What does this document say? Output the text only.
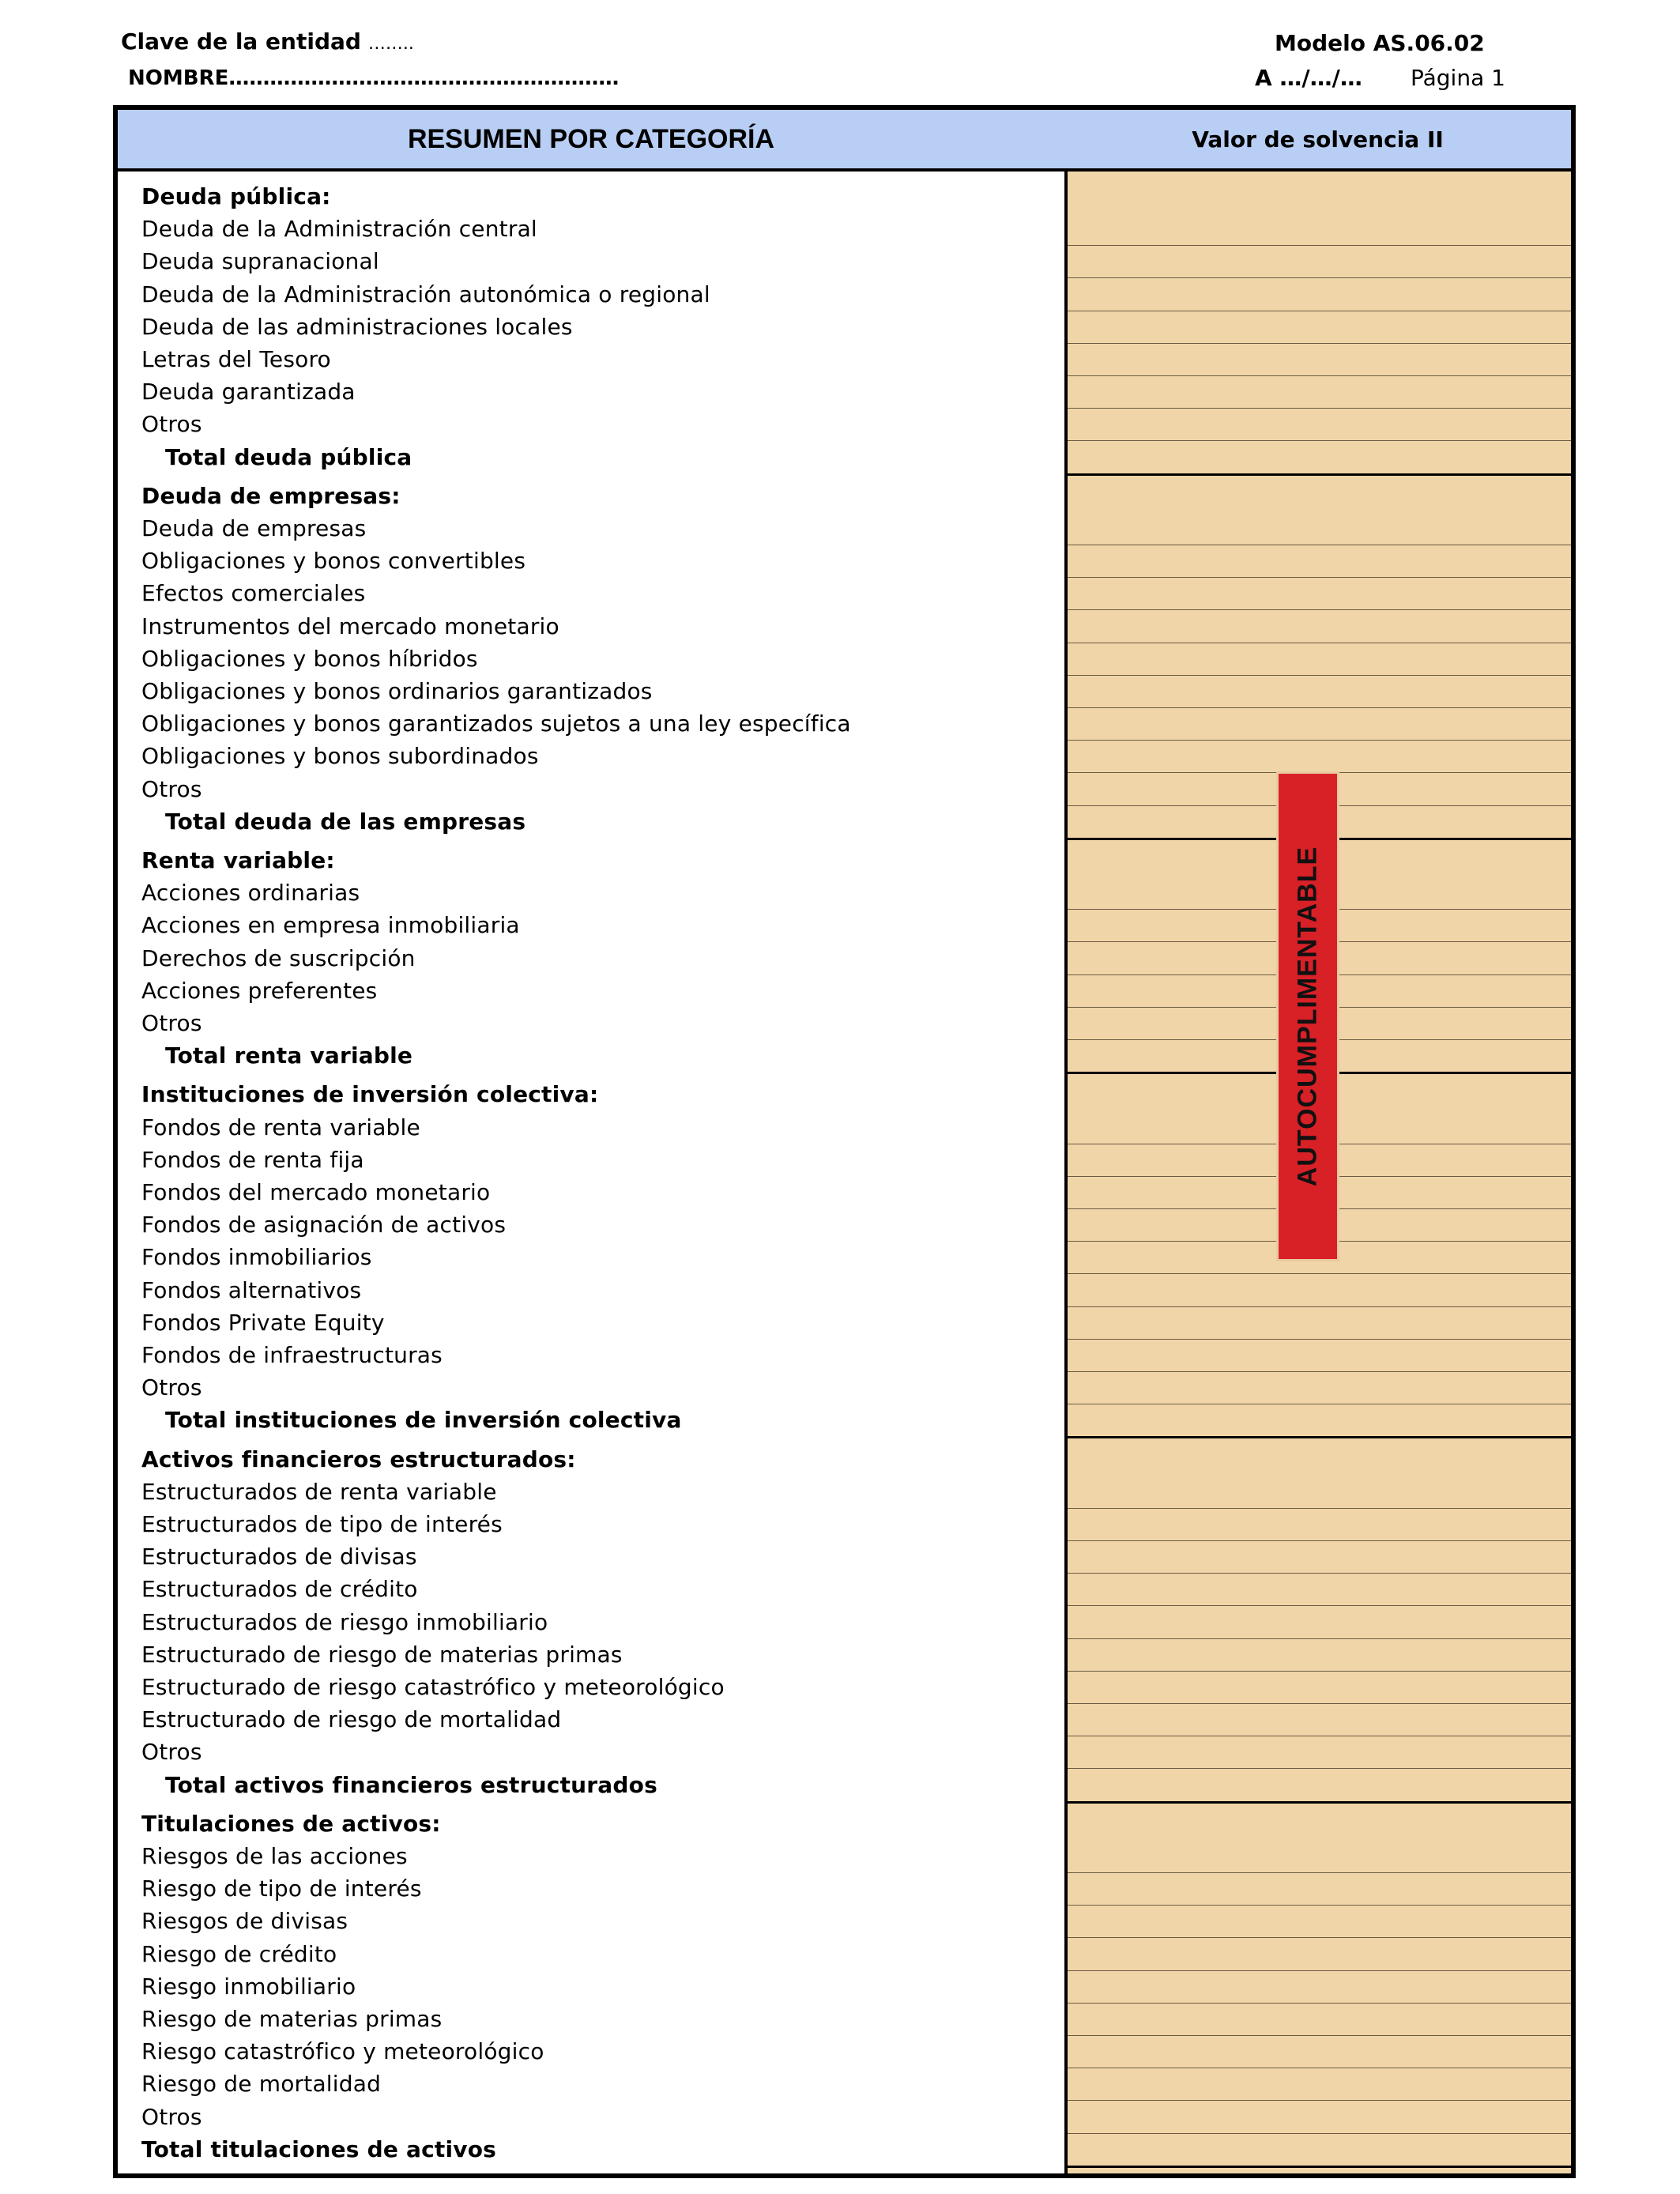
Clave de la entidad ……..
NOMBRE…………………………………………………
Modelo AS.06.02
A …/…/… Página 1
RESUMEN POR CATEGORÍA	Valor de solvencia II
Deuda pública:
Deuda de la Administración central
Deuda supranacional
Deuda de la Administración autonómica o regional
Deuda de las administraciones locales
Letras del Tesoro
Deuda garantizada
Otros
Total deuda pública
Deuda de empresas:
Deuda de empresas
Obligaciones y bonos convertibles
Efectos comerciales
Instrumentos del mercado monetario
Obligaciones y bonos híbridos
Obligaciones y bonos ordinarios garantizados
Obligaciones y bonos garantizados sujetos a una ley específica
Obligaciones y bonos subordinados
Otros
Total deuda de las empresas
Renta variable:
Acciones ordinarias
Acciones en empresa inmobiliaria
Derechos de suscripción
Acciones preferentes
Otros
Total renta variable
Instituciones de inversión colectiva:
Fondos de renta variable
Fondos de renta fija
Fondos del mercado monetario
Fondos de asignación de activos
Fondos inmobiliarios
Fondos alternativos
Fondos Private Equity
Fondos de infraestructuras
Otros
Total instituciones de inversión colectiva
Activos financieros estructurados:
Estructurados de renta variable
Estructurados de tipo de interés
Estructurados de divisas
Estructurados de crédito
Estructurados de riesgo inmobiliario
Estructurado de riesgo de materias primas
Estructurado de riesgo catastrófico y meteorológico
Estructurado de riesgo de mortalidad
Otros
Total activos financieros estructurados
Titulaciones de activos:
Riesgos de las acciones
Riesgo de tipo de interés
Riesgos de divisas
Riesgo de crédito
Riesgo inmobiliario
Riesgo de materias primas
Riesgo catastrófico y meteorológico
Riesgo de mortalidad
Otros
Total titulaciones de activos
AUTOCUMPLIMENTABLE
